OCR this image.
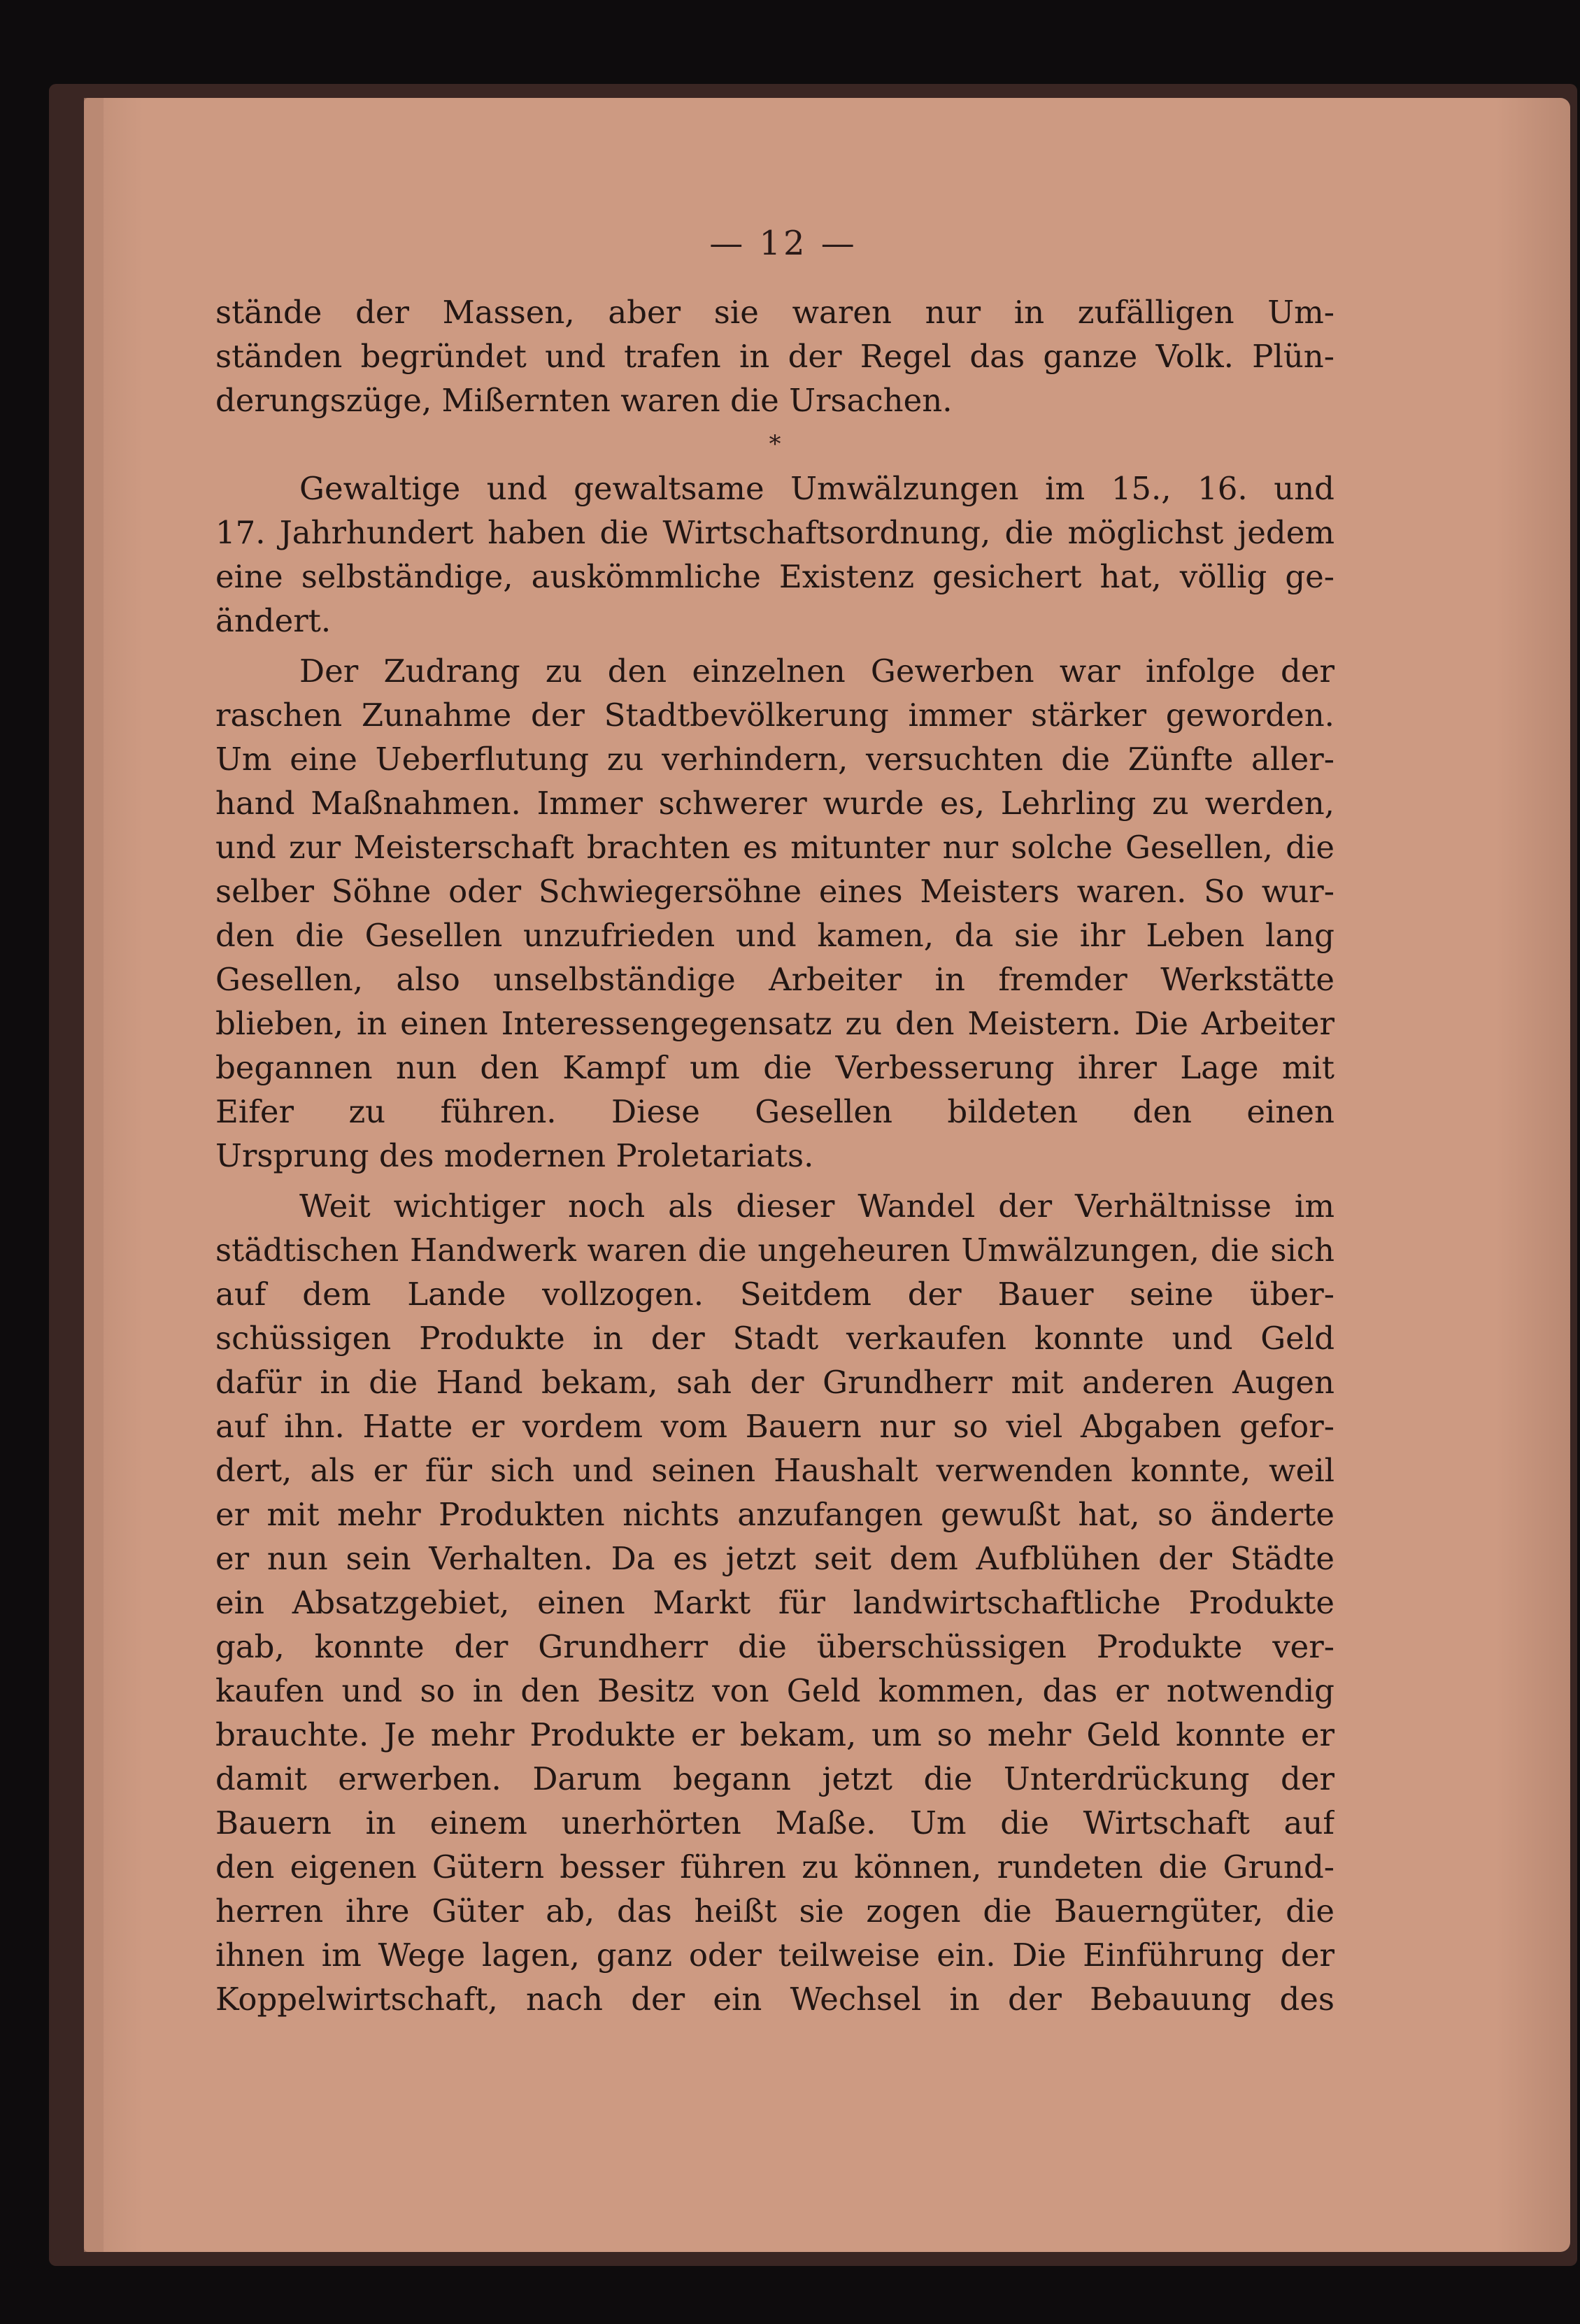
— 12 —
stände der Massen, aber sie waren nur in zufälligen Um-
ständen begründet und trafen in der Regel das ganze Volk. Plün-
derungszüge, Mißernten waren die Ursachen.
*
Gewaltige und gewaltsame Umwälzungen im 15., 16. und
17. Jahrhundert haben die Wirtschaftsordnung, die möglichst jedem
eine selbständige, auskömmliche Existenz gesichert hat, völlig ge-
ändert.
Der Zudrang zu den einzelnen Gewerben war infolge der
raschen Zunahme der Stadtbevölkerung immer stärker geworden.
Um eine Ueberflutung zu verhindern, versuchten die Zünfte aller-
hand Maßnahmen. Immer schwerer wurde es, Lehrling zu werden,
und zur Meisterschaft brachten es mitunter nur solche Gesellen, die
selber Söhne oder Schwiegersöhne eines Meisters waren. So wur-
den die Gesellen unzufrieden und kamen, da sie ihr Leben lang
Gesellen, also unselbständige Arbeiter in fremder Werkstätte
blieben, in einen Interessengegensatz zu den Meistern. Die Arbeiter
begannen nun den Kampf um die Verbesserung ihrer Lage mit
Eifer zu führen. Diese Gesellen bildeten den einen
Ursprung des modernen Proletariats.
Weit wichtiger noch als dieser Wandel der Verhältnisse im
städtischen Handwerk waren die ungeheuren Umwälzungen, die sich
auf dem Lande vollzogen. Seitdem der Bauer seine über-
schüssigen Produkte in der Stadt verkaufen konnte und Geld
dafür in die Hand bekam, sah der Grundherr mit anderen Augen
auf ihn. Hatte er vordem vom Bauern nur so viel Abgaben gefor-
dert, als er für sich und seinen Haushalt verwenden konnte, weil
er mit mehr Produkten nichts anzufangen gewußt hat, so änderte
er nun sein Verhalten. Da es jetzt seit dem Aufblühen der Städte
ein Absatzgebiet, einen Markt für landwirtschaftliche Produkte
gab, konnte der Grundherr die überschüssigen Produkte ver-
kaufen und so in den Besitz von Geld kommen, das er notwendig
brauchte. Je mehr Produkte er bekam, um so mehr Geld konnte er
damit erwerben. Darum begann jetzt die Unterdrückung der
Bauern in einem unerhörten Maße. Um die Wirtschaft auf
den eigenen Gütern besser führen zu können, rundeten die Grund-
herren ihre Güter ab, das heißt sie zogen die Bauerngüter, die
ihnen im Wege lagen, ganz oder teilweise ein. Die Einführung der
Koppelwirtschaft, nach der ein Wechsel in der Bebauung des
